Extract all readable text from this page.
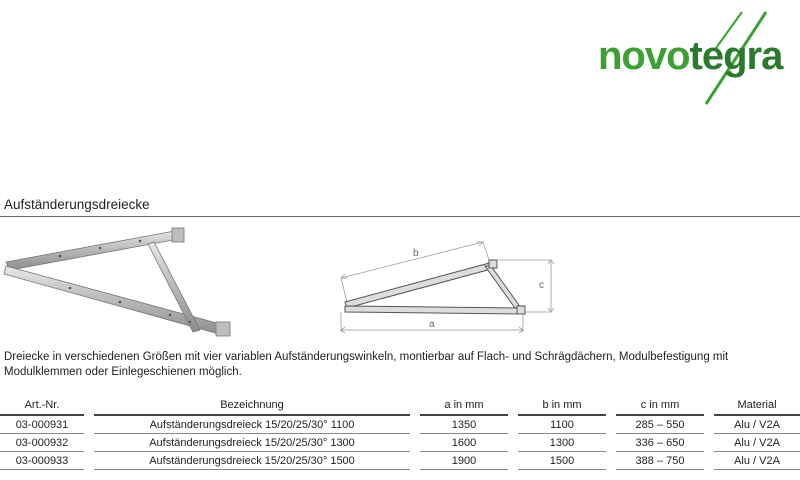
novotegra
Aufständerungsdreiecke
b
c
a
Dreiecke in verschiedenen Größen mit vier variablen Aufständerungswinkeln, montierbar auf Flach- und Schrägdächern, Modulbefestigung mit Modulklemmen oder Einlegeschienen möglich.
Art.-Nr.		Bezeichnung		a in mm		b in mm		c in mm		Material
03-000931		Aufständerungsdreieck 15/20/25/30° 1100		1350		1100		285 – 550		Alu / V2A
03-000932		Aufständerungsdreieck 15/20/25/30° 1300		1600		1300		336 – 650		Alu / V2A
03-000933		Aufständerungsdreieck 15/20/25/30° 1500		1900		1500		388 – 750		Alu / V2A
